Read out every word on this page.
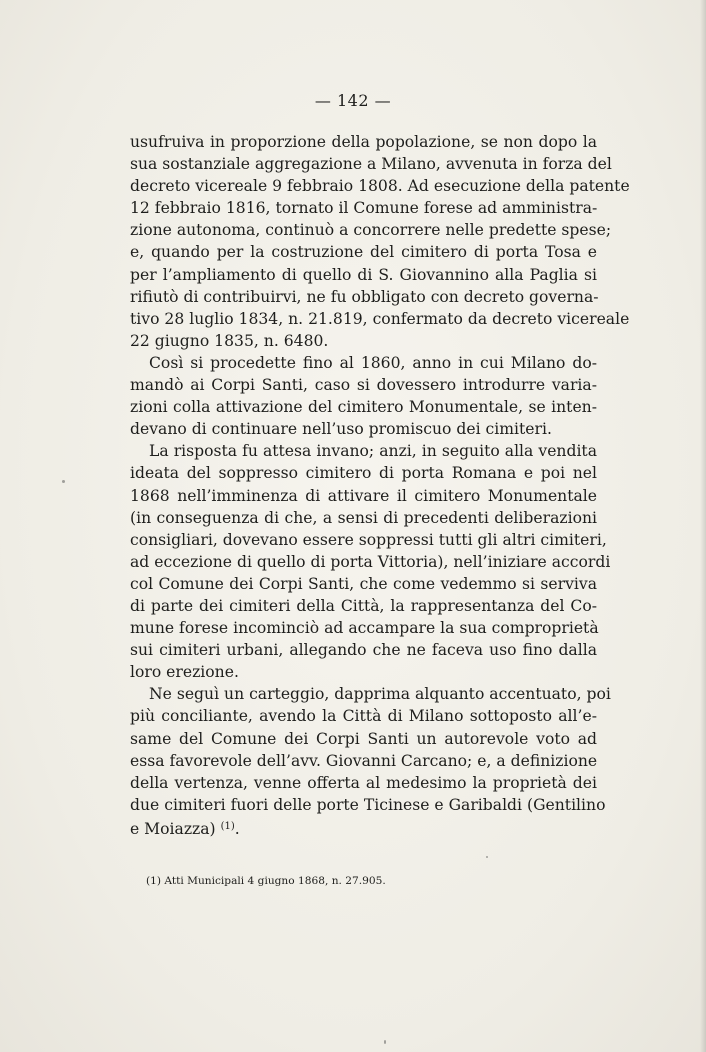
— 142 —
usufruiva in proporzione della popolazione, se non dopo la
sua sostanziale aggregazione a Milano, avvenuta in forza del
decreto vicereale 9 febbraio 1808. Ad esecuzione della patente
12 febbraio 1816, tornato il Comune forese ad amministra-
zione autonoma, continuò a concorrere nelle predette spese;
e, quando per la costruzione del cimitero di porta Tosa e
per l’ampliamento di quello di S. Giovannino alla Paglia si
rifiutò di contribuirvi, ne fu obbligato con decreto governa-
tivo 28 luglio 1834, n. 21.819, confermato da decreto vicereale
22 giugno 1835, n. 6480.
Così si procedette fino al 1860, anno in cui Milano do-
mandò ai Corpi Santi, caso si dovessero introdurre varia-
zioni colla attivazione del cimitero Monumentale, se inten-
devano di continuare nell’uso promiscuo dei cimiteri.
La risposta fu attesa invano; anzi, in seguito alla vendita
ideata del soppresso cimitero di porta Romana e poi nel
1868 nell’imminenza di attivare il cimitero Monumentale
(in conseguenza di che, a sensi di precedenti deliberazioni
consigliari, dovevano essere soppressi tutti gli altri cimiteri,
ad eccezione di quello di porta Vittoria), nell’iniziare accordi
col Comune dei Corpi Santi, che come vedemmo si serviva
di parte dei cimiteri della Città, la rappresentanza del Co-
mune forese incominciò ad accampare la sua comproprietà
sui cimiteri urbani, allegando che ne faceva uso fino dalla
loro erezione.
Ne seguì un carteggio, dapprima alquanto accentuato, poi
più conciliante, avendo la Città di Milano sottoposto all’e-
same del Comune dei Corpi Santi un autorevole voto ad
essa favorevole dell’avv. Giovanni Carcano; e, a definizione
della vertenza, venne offerta al medesimo la proprietà dei
due cimiteri fuori delle porte Ticinese e Garibaldi (Gentilino
e Moiazza) $^{(1)}$.
(1) Atti Municipali 4 giugno 1868, n. 27.905.
